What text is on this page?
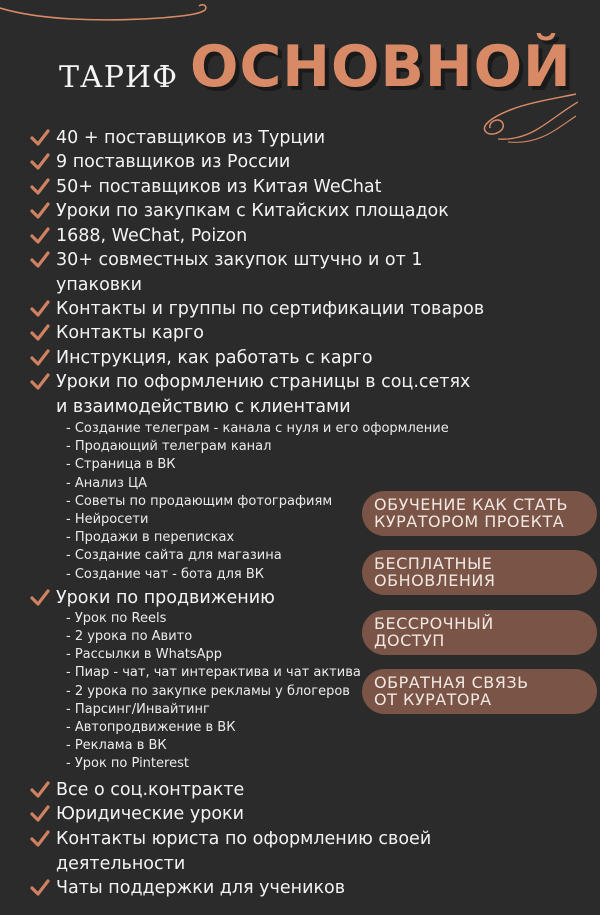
ТАРИФ ОСНОВНОЙ
40 + поставщиков из Турции
9 поставщиков из России
50+ поставщиков из Китая WeChat
Уроки по закупкам с Китайских площадок
1688, WeChat, Poizon
30+ совместных закупок штучно и от 1
упаковки
Контакты и группы по сертификации товаров
Контакты карго
Инструкция, как работать с карго
Уроки по оформлению страницы в соц.сетях
и взаимодействию с клиентами
- Создание телеграм - канала с нуля и его оформление
- Продающий телеграм канал
- Страница в ВК
- Анализ ЦА
- Советы по продающим фотографиям
- Нейросети
- Продажи в переписках
- Создание сайта для магазина
- Создание чат - бота для ВК
Уроки по продвижению
- Урок по Reels
- 2 урока по Авито
- Рассылки в WhatsApp
- Пиар - чат, чат интерактива и чат актива
- 2 урока по закупке рекламы у блогеров
- Парсинг/Инвайтинг
- Автопродвижение в ВК
- Реклама в ВК
- Урок по Pinterest
Все о соц.контракте
Юридические уроки
Контакты юриста по оформлению своей
деятельности
Чаты поддержки для учеников
ОБУЧЕНИЕ КАК СТАТЬ
КУРАТОРОМ ПРОЕКТА
БЕСПЛАТНЫЕ
ОБНОВЛЕНИЯ
БЕССРОЧНЫЙ
ДОСТУП
ОБРАТНАЯ СВЯЗЬ
ОТ КУРАТОРА
